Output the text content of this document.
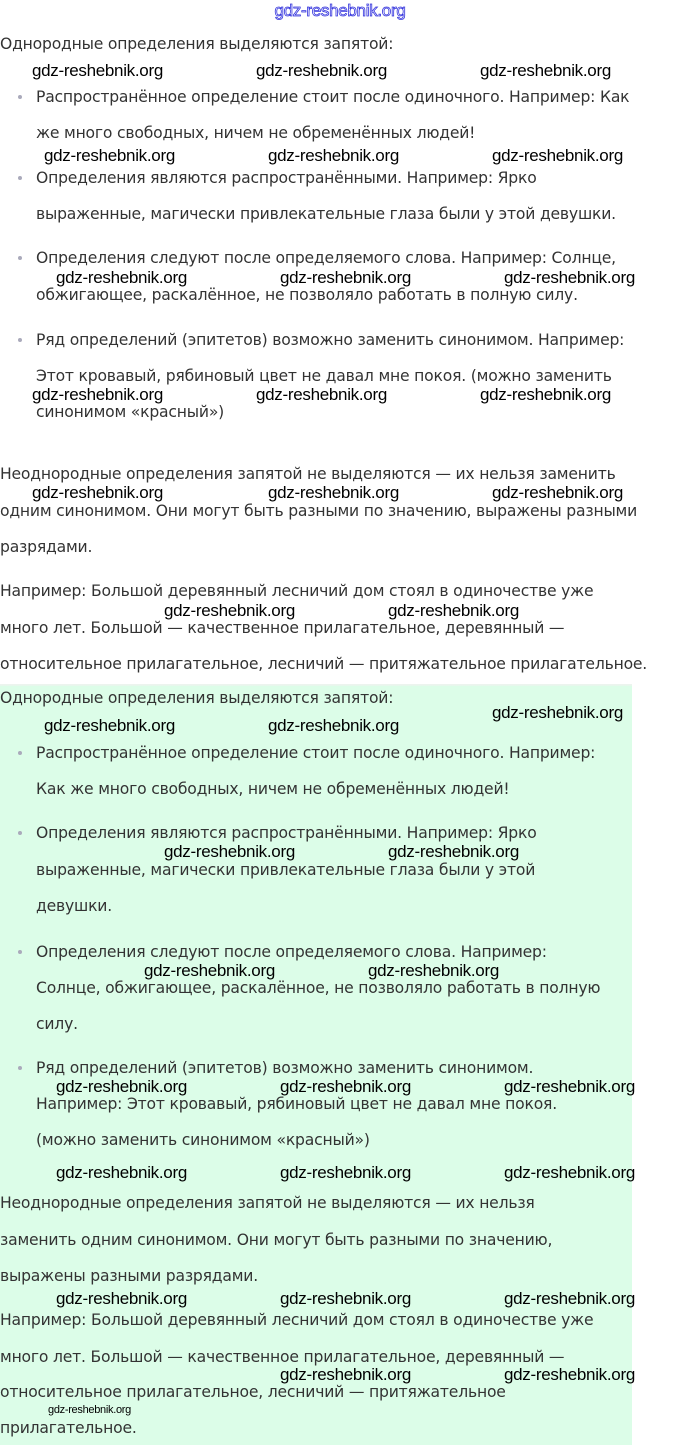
gdz-reshebnik.org
Однородные определения выделяются запятой:
Распространённое определение стоит после одиночного. Например: Как
же много свободных, ничем не обременённых людей!
Определения являются распространёнными. Например: Ярко
выраженные, магически привлекательные глаза были у этой девушки.
Определения следуют после определяемого слова. Например: Солнце,
обжигающее, раскалённое, не позволяло работать в полную силу.
Ряд определений (эпитетов) возможно заменить синонимом. Например:
Этот кровавый, рябиновый цвет не давал мне покоя. (можно заменить
синонимом «красный»)
Неоднородные определения запятой не выделяются — их нельзя заменить
одним синонимом. Они могут быть разными по значению, выражены разными
разрядами.
Например: Большой деревянный лесничий дом стоял в одиночестве уже
много лет. Большой — качественное прилагательное, деревянный —
относительное прилагательное, лесничий — притяжательное прилагательное.
Однородные определения выделяются запятой:
Распространённое определение стоит после одиночного. Например:
Как же много свободных, ничем не обременённых людей!
Определения являются распространёнными. Например: Ярко
выраженные, магически привлекательные глаза были у этой
девушки.
Определения следуют после определяемого слова. Например:
Солнце, обжигающее, раскалённое, не позволяло работать в полную
силу.
Ряд определений (эпитетов) возможно заменить синонимом.
Например: Этот кровавый, рябиновый цвет не давал мне покоя.
(можно заменить синонимом «красный»)
Неоднородные определения запятой не выделяются — их нельзя
заменить одним синонимом. Они могут быть разными по значению,
выражены разными разрядами.
Например: Большой деревянный лесничий дом стоял в одиночестве уже
много лет. Большой — качественное прилагательное, деревянный —
относительное прилагательное, лесничий — притяжательное
прилагательное.
gdz-reshebnik.org	gdz-reshebnik.org	gdz-reshebnik.org
gdz-reshebnik.org	gdz-reshebnik.org	gdz-reshebnik.org
gdz-reshebnik.org	gdz-reshebnik.org	gdz-reshebnik.org
gdz-reshebnik.org	gdz-reshebnik.org	gdz-reshebnik.org
gdz-reshebnik.org	gdz-reshebnik.org	gdz-reshebnik.org
gdz-reshebnik.org	gdz-reshebnik.org
gdz-reshebnik.org
gdz-reshebnik.org	gdz-reshebnik.org
gdz-reshebnik.org	gdz-reshebnik.org
gdz-reshebnik.org	gdz-reshebnik.org
gdz-reshebnik.org	gdz-reshebnik.org	gdz-reshebnik.org
gdz-reshebnik.org	gdz-reshebnik.org	gdz-reshebnik.org
gdz-reshebnik.org	gdz-reshebnik.org	gdz-reshebnik.org
gdz-reshebnik.org	gdz-reshebnik.org
gdz-reshebnik.org
